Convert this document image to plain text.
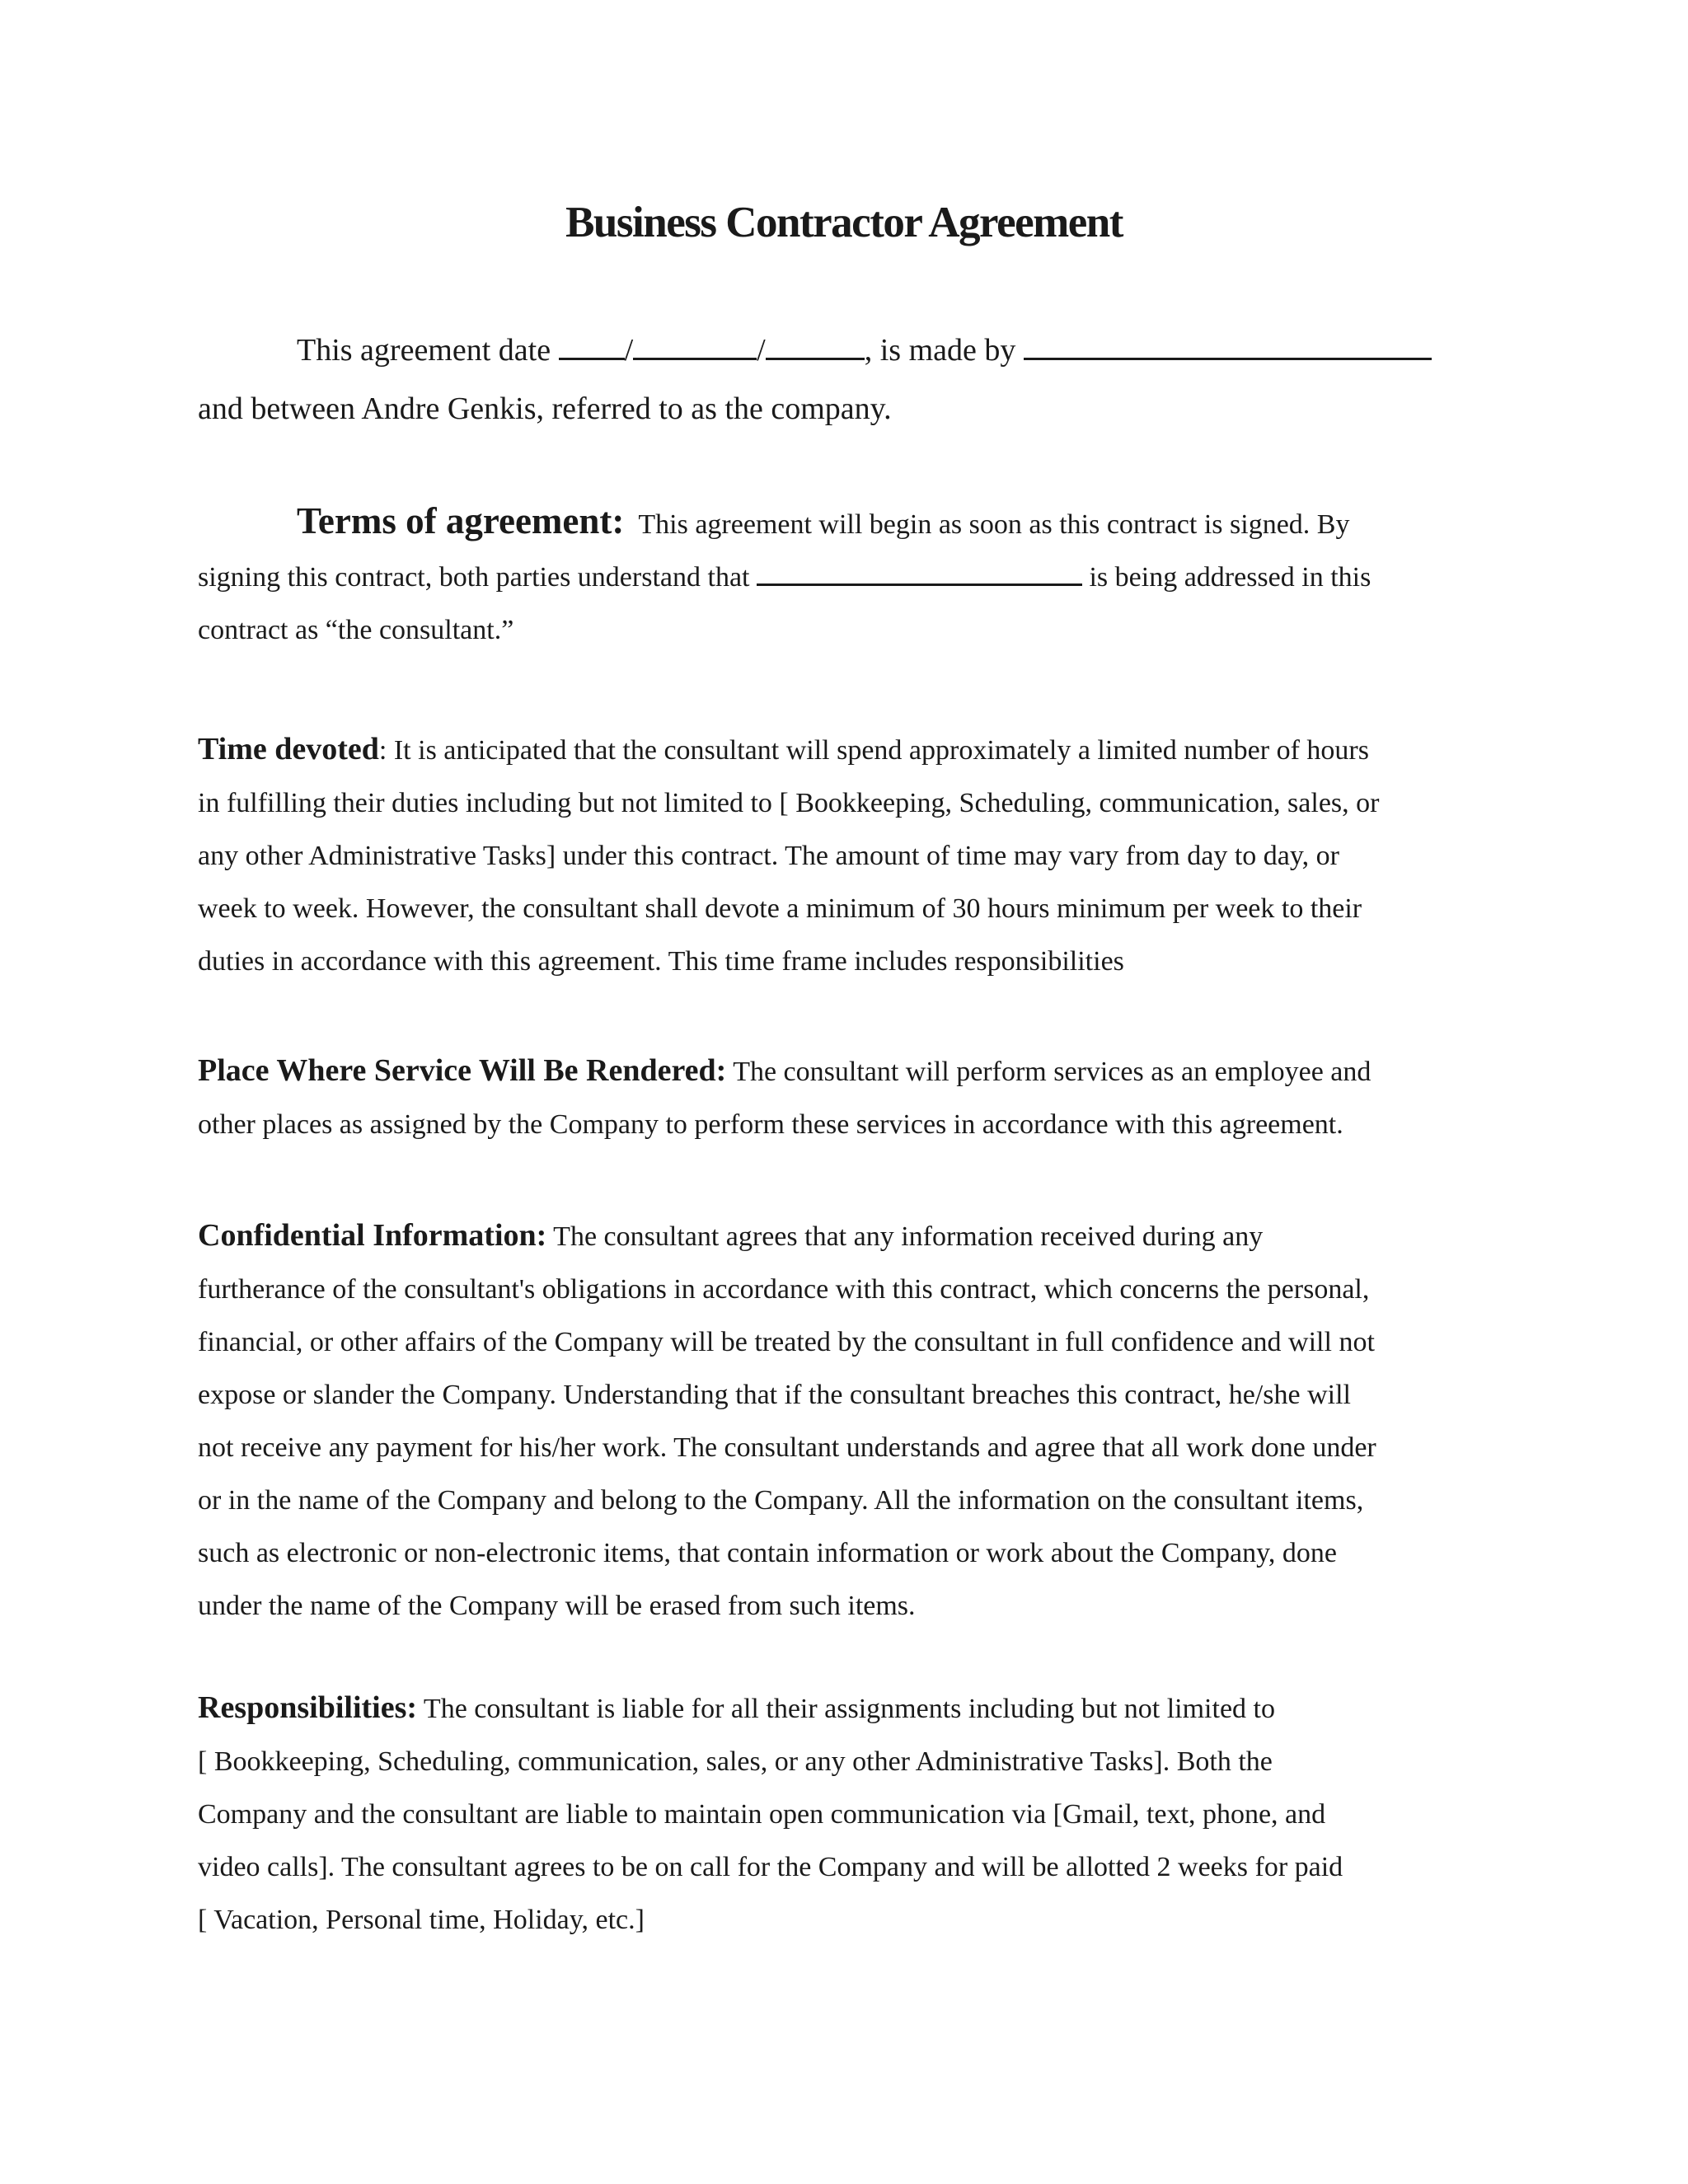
Business Contractor Agreement

This agreement date /	/	, is made by
and between Andre Genkis, referred to as the company.

Terms of agreement: This agreement will begin as soon as this contract is signed. By
signing this contract, both parties understand that	is being addressed in this
contract as “the consultant.”

Time devoted: It is anticipated that the consultant will spend approximately a limited number of hours
in fulfilling their duties including but not limited to [ Bookkeeping, Scheduling, communication, sales, or
any other Administrative Tasks] under this contract. The amount of time may vary from day to day, or
week to week. However, the consultant shall devote a minimum of 30 hours minimum per week to their
duties in accordance with this agreement. This time frame includes responsibilities

Place Where Service Will Be Rendered: The consultant will perform services as an employee and
other places as assigned by the Company to perform these services in accordance with this agreement.

Confidential Information: The consultant agrees that any information received during any
furtherance of the consultant's obligations in accordance with this contract, which concerns the personal,
financial, or other affairs of the Company will be treated by the consultant in full confidence and will not
expose or slander the Company. Understanding that if the consultant breaches this contract, he/she will
not receive any payment for his/her work. The consultant understands and agree that all work done under
or in the name of the Company and belong to the Company. All the information on the consultant items,
such as electronic or non-electronic items, that contain information or work about the Company, done
under the name of the Company will be erased from such items.

Responsibilities: The consultant is liable for all their assignments including but not limited to
[ Bookkeeping, Scheduling, communication, sales, or any other Administrative Tasks]. Both the
Company and the consultant are liable to maintain open communication via [Gmail, text, phone, and
video calls]. The consultant agrees to be on call for the Company and will be allotted 2 weeks for paid
[ Vacation, Personal time, Holiday, etc.]
